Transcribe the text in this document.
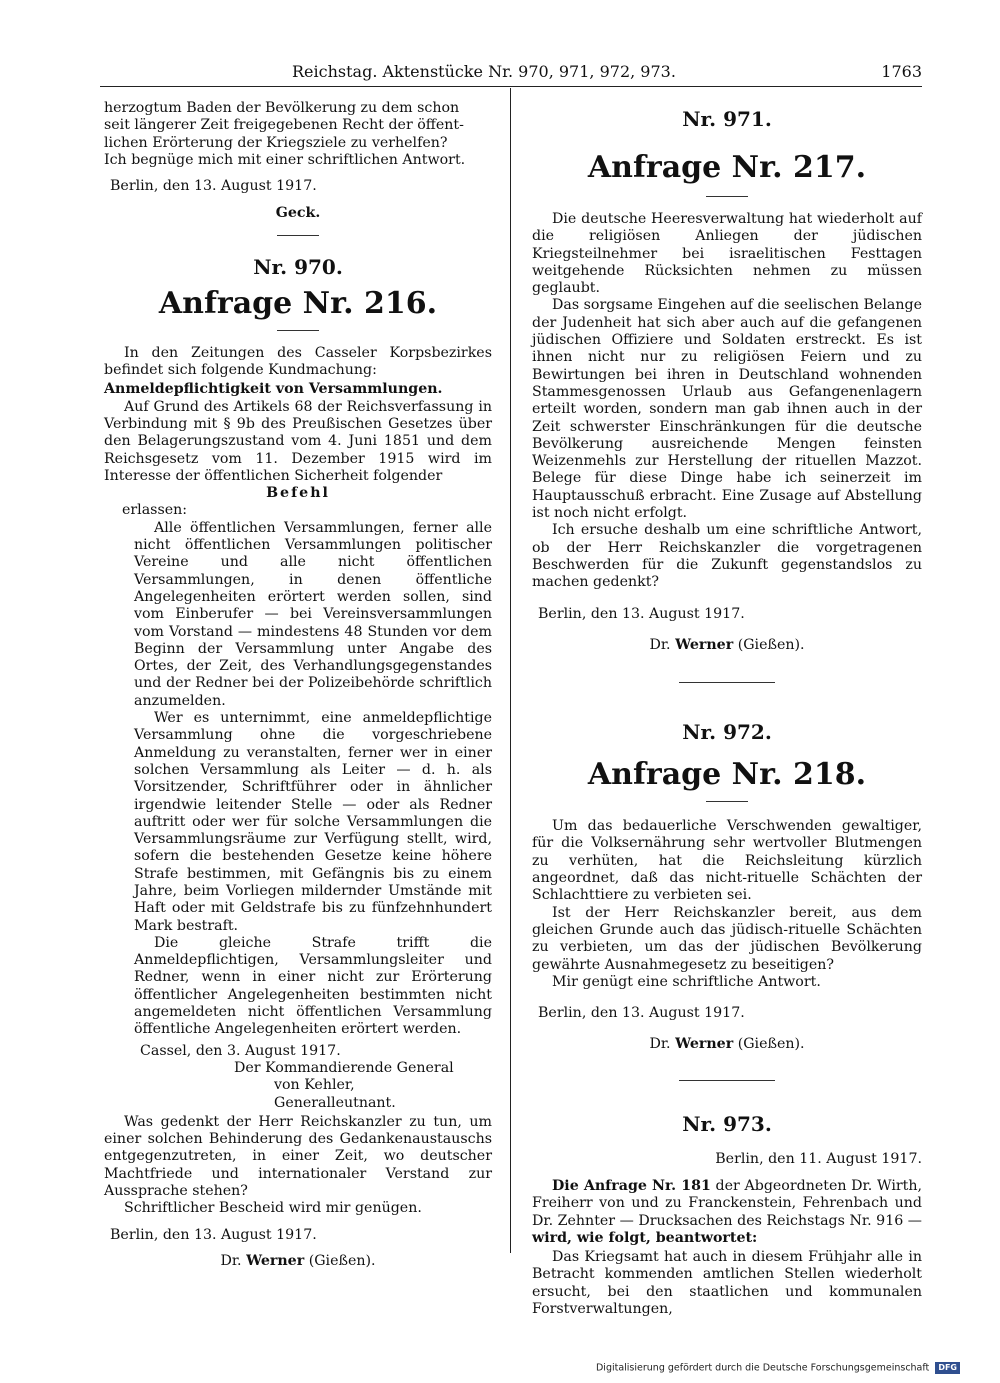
Reichstag. Aktenstücke Nr. 970, 971, 972, 973.	1763

herzogtum Baden der Bevölkerung zu dem schon

seit längerer Zeit freigegebenen Recht der öffent-

lichen Erörterung der Kriegsziele zu verhelfen?

Ich begnüge mich mit einer schriftlichen Antwort.

Berlin, den 13. August 1917.

Geck.

Nr. 970.

Anfrage Nr. 216.

In den Zeitungen des Casseler Korpsbezirkes befindet sich folgende Kundmachung:

Anmeldepflichtigkeit von Versammlungen.

Auf Grund des Artikels 68 der Reichsverfassung in Verbindung mit § 9b des Preußischen Gesetzes über den Belagerungszustand vom 4. Juni 1851 und dem Reichsgesetz vom 11. Dezember 1915 wird im Interesse der öffentlichen Sicherheit folgender

Befehl

erlassen:

Alle öffentlichen Versammlungen, ferner alle nicht öffentlichen Versammlungen politischer Vereine und alle nicht öffentlichen Versammlungen, in denen öffentliche Angelegenheiten erörtert werden sollen, sind vom Einberufer — bei Vereinsversammlungen vom Vorstand — mindestens 48 Stunden vor dem Beginn der Versammlung unter Angabe des Ortes, der Zeit, des Verhandlungsgegenstandes und der Redner bei der Polizeibehörde schriftlich anzumelden.

Wer es unternimmt, eine anmeldepflichtige Versammlung ohne die vorgeschriebene Anmeldung zu veranstalten, ferner wer in einer solchen Versammlung als Leiter — d. h. als Vorsitzender, Schriftführer oder in ähnlicher irgendwie leitender Stelle — oder als Redner auftritt oder wer für solche Versammlungen die Versammlungsräume zur Verfügung stellt, wird, sofern die bestehenden Gesetze keine höhere Strafe bestimmen, mit Gefängnis bis zu einem Jahre, beim Vorliegen mildernder Umstände mit Haft oder mit Geldstrafe bis zu fünfzehnhundert Mark bestraft.

Die gleiche Strafe trifft die Anmeldepflichtigen, Versammlungsleiter und Redner, wenn in einer nicht zur Erörterung öffentlicher Angelegenheiten bestimmten nicht angemeldeten nicht öffentlichen Versammlung öffentliche Angelegenheiten erörtert werden.

Cassel, den 3. August 1917.

Der Kommandierende General

von Kehler,

Generalleutnant.

Was gedenkt der Herr Reichskanzler zu tun, um einer solchen Behinderung des Gedankenaustauschs entgegenzutreten, in einer Zeit, wo deutscher Machtfriede und internationaler Verstand zur Aussprache stehen?

Schriftlicher Bescheid wird mir genügen.

Berlin, den 13. August 1917.

Dr. Werner (Gießen).

Nr. 971.

Anfrage Nr. 217.

Die deutsche Heeresverwaltung hat wiederholt auf die religiösen Anliegen der jüdischen Kriegsteilnehmer bei israelitischen Festtagen weitgehende Rücksichten nehmen zu müssen geglaubt.

Das sorgsame Eingehen auf die seelischen Belange der Judenheit hat sich aber auch auf die gefangenen jüdischen Offiziere und Soldaten erstreckt. Es ist ihnen nicht nur zu religiösen Feiern und zu Bewirtungen bei ihren in Deutschland wohnenden Stammesgenossen Urlaub aus Gefangenenlagern erteilt worden, sondern man gab ihnen auch in der Zeit schwerster Einschränkungen für die deutsche Bevölkerung ausreichende Mengen feinsten Weizenmehls zur Herstellung der rituellen Mazzot. Belege für diese Dinge habe ich seinerzeit im Hauptausschuß erbracht. Eine Zusage auf Abstellung ist noch nicht erfolgt.

Ich ersuche deshalb um eine schriftliche Antwort, ob der Herr Reichskanzler die vorgetragenen Beschwerden für die Zukunft gegenstandslos zu machen gedenkt?

Berlin, den 13. August 1917.

Dr. Werner (Gießen).

Nr. 972.

Anfrage Nr. 218.

Um das bedauerliche Verschwenden gewaltiger, für die Volksernährung sehr wertvoller Blutmengen zu verhüten, hat die Reichsleitung kürzlich angeordnet, daß das nicht-rituelle Schächten der Schlachttiere zu verbieten sei.

Ist der Herr Reichskanzler bereit, aus dem gleichen Grunde auch das jüdisch-rituelle Schächten zu verbieten, um das der jüdischen Bevölkerung gewährte Ausnahmegesetz zu beseitigen?

Mir genügt eine schriftliche Antwort.

Berlin, den 13. August 1917.

Dr. Werner (Gießen).

Nr. 973.

Berlin, den 11. August 1917.

Die Anfrage Nr. 181 der Abgeordneten Dr. Wirth, Freiherr von und zu Franckenstein, Fehrenbach und Dr. Zehnter — Drucksachen des Reichstags Nr. 916 — wird, wie folgt, beantwortet:

Das Kriegsamt hat auch in diesem Frühjahr alle in Betracht kommenden amtlichen Stellen wiederholt ersucht, bei den staatlichen und kommunalen Forstverwaltungen,

Digitalisierung gefördert durch die Deutsche Forschungsgemeinschaft DFG
